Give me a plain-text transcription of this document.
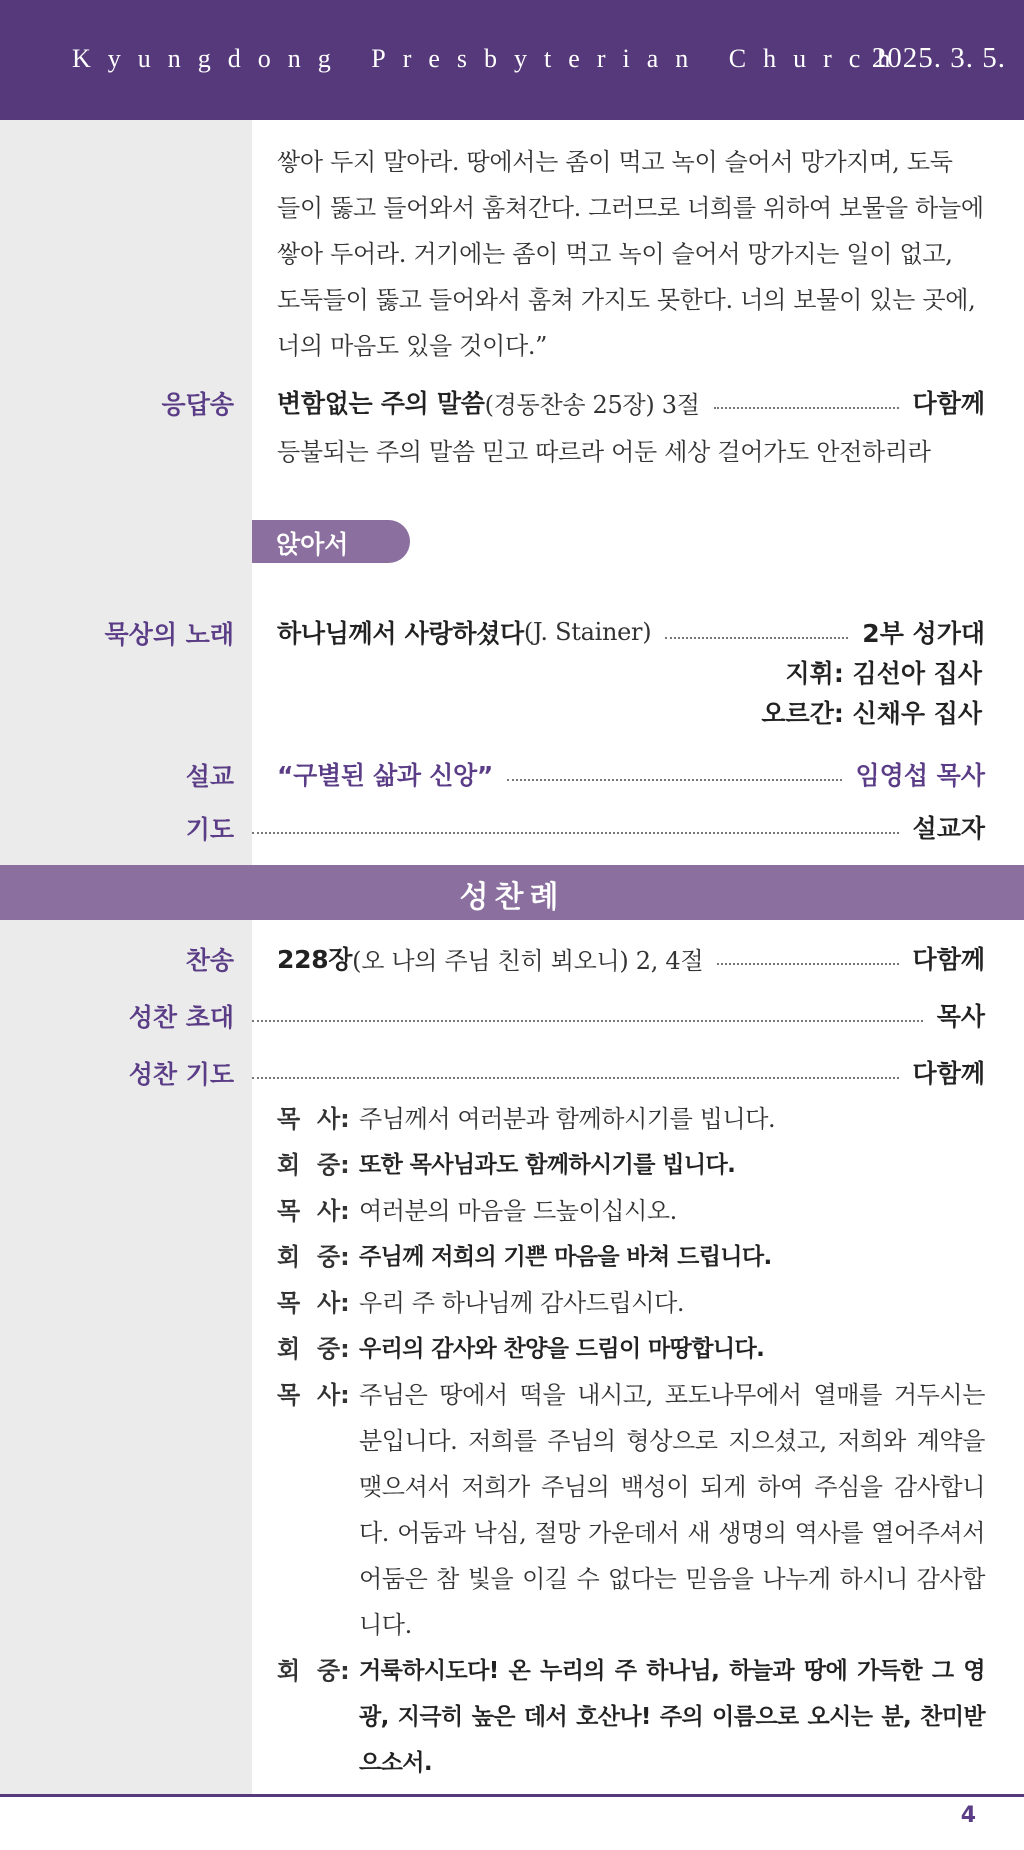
Kyungdong Presbyterian Church
2025. 3. 5.
쌓아 두지 말아라. 땅에서는 좀이 먹고 녹이 슬어서 망가지며, 도둑
들이 뚫고 들어와서 훔쳐간다. 그러므로 너희를 위하여 보물을 하늘에
쌓아 두어라. 거기에는 좀이 먹고 녹이 슬어서 망가지는 일이 없고,
도둑들이 뚫고 들어와서 훔쳐 가지도 못한다. 너의 보물이 있는 곳에,
너의 마음도 있을 것이다.”
응답송 변함없는 주의 말씀 (경동찬송 25장) 3절	다함께
등불되는 주의 말씀 믿고 따르라 어둔 세상 걸어가도 안전하리라
앉아서
묵상의 노래 하나님께서 사랑하셨다 (J. Stainer)	2부 성가대
지휘: 김선아 집사
오르간: 신채우 집사
설교 “구별된 삶과 신앙”	임영섭 목사
기도	설교자
성찬례
찬송 228장 (오 나의 주님 친히 뵈오니) 2, 4절	다함께
성찬 초대	목사
성찬 기도	다함께
목 사: 주님께서 여러분과 함께하시기를 빕니다.
회 중: 또한 목사님과도 함께하시기를 빕니다.
목 사: 여러분의 마음을 드높이십시오.
회 중: 주님께 저희의 기쁜 마음을 바쳐 드립니다.
목 사: 우리 주 하나님께 감사드립시다.
회 중: 우리의 감사와 찬양을 드림이 마땅합니다.
목 사: 주님은 땅에서 떡을 내시고, 포도나무에서 열매를 거두시는 분입니다. 저희를 주님의 형상으로 지으셨고, 저희와 계약을 맺으셔서 저희가 주님의 백성이 되게 하여 주심을 감사합니다. 어둠과 낙심, 절망 가운데서 새 생명의 역사를 열어주셔서 어둠은 참 빛을 이길 수 없다는 믿음을 나누게 하시니 감사합니다.
회 중: 거룩하시도다! 온 누리의 주 하나님, 하늘과 땅에 가득한 그 영광, 지극히 높은 데서 호산나! 주의 이름으로 오시는 분, 찬미받으소서.
4
